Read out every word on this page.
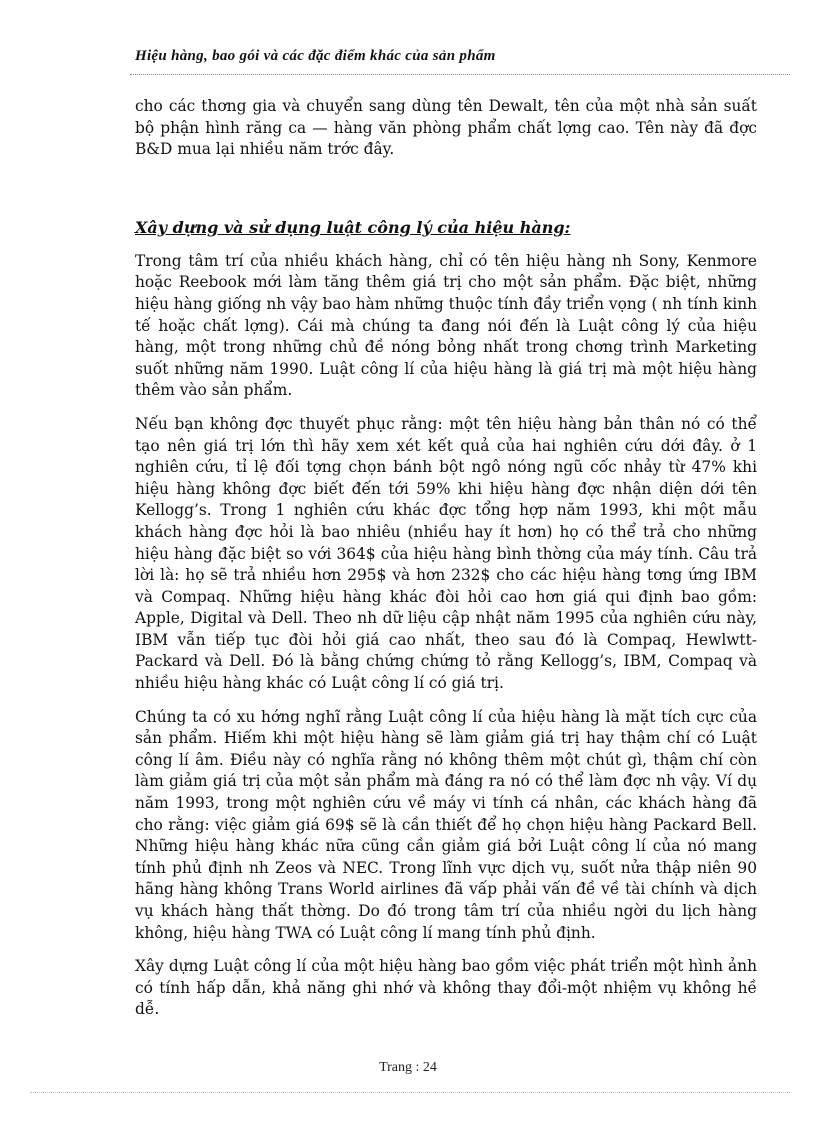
Hiệu hàng, bao gói và các đặc điểm khác của sản phẩm

cho các thơng gia và chuyển sang dùng tên Dewalt, tên của một nhà sản suất bộ phận hình răng ca — hàng văn phòng phẩm chất lợng cao. Tên này đã đợc B&D mua lại nhiều năm trớc đây.

Xây dựng và sử dụng luật công lý của hiệu hàng:

Trong tâm trí của nhiều khách hàng, chỉ có tên hiệu hàng nh Sony, Kenmore hoặc Reebook mới làm tăng thêm giá trị cho một sản phẩm. Đặc biệt, những hiệu hàng giống nh vậy bao hàm những thuộc tính đầy triển vọng ( nh tính kinh tế hoặc chất lợng). Cái mà chúng ta đang nói đến là Luật công lý của hiệu hàng, một trong những chủ đề nóng bỏng nhất trong chơng trình Marketing suốt những năm 1990. Luật công lí của hiệu hàng là giá trị mà một hiệu hàng thêm vào sản phẩm.

Nếu bạn không đợc thuyết phục rằng: một tên hiệu hàng bản thân nó có thể tạo nên giá trị lớn thì hãy xem xét kết quả của hai nghiên cứu dới đây. ở 1 nghiên cứu, tỉ lệ đối tợng chọn bánh bột ngô nóng ngũ cốc nhảy từ 47% khi hiệu hàng không đợc biết đến tới 59% khi hiệu hàng đợc nhận diện dới tên Kellogg’s. Trong 1 nghiên cứu khác đợc tổng hợp năm 1993, khi một mẫu khách hàng đợc hỏi là bao nhiêu (nhiều hay ít hơn) họ có thể trả cho những hiệu hàng đặc biệt so với 364$ của hiệu hàng bình thờng của máy tính. Câu trả lời là: họ sẽ trả nhiều hơn 295$ và hơn 232$ cho các hiệu hàng tơng ứng IBM và Compaq. Những hiệu hàng khác đòi hỏi cao hơn giá qui định bao gồm: Apple, Digital và Dell. Theo nh dữ liệu cập nhật năm 1995 của nghiên cứu này, IBM vẫn tiếp tục đòi hỏi giá cao nhất, theo sau đó là Compaq, Hewlwtt-Packard và Dell. Đó là bằng chứng chứng tỏ rằng Kellogg’s, IBM, Compaq và nhiều hiệu hàng khác có Luật công lí có giá trị.

Chúng ta có xu hớng nghĩ rằng Luật công lí của hiệu hàng là mặt tích cực của sản phẩm. Hiếm khi một hiệu hàng sẽ làm giảm giá trị hay thậm chí có Luật công lí âm. Điều này có nghĩa rằng nó không thêm một chút gì, thậm chí còn làm giảm giá trị của một sản phẩm mà đáng ra nó có thể làm đợc nh vậy. Ví dụ năm 1993, trong một nghiên cứu về máy vi tính cá nhân, các khách hàng đã cho rằng: việc giảm giá 69$ sẽ là cần thiết để họ chọn hiệu hàng Packard Bell. Những hiệu hàng khác nữa cũng cần giảm giá bởi Luật công lí của nó mang tính phủ định nh Zeos và NEC. Trong lĩnh vực dịch vụ, suốt nửa thập niên 90 hãng hàng không Trans World airlines đã vấp phải vấn đề về tài chính và dịch vụ khách hàng thất thờng. Do đó trong tâm trí của nhiều ngời du lịch hàng không, hiệu hàng TWA có Luật công lí mang tính phủ định.

Xây dựng Luật công lí của một hiệu hàng bao gồm việc phát triển một hình ảnh có tính hấp dẫn, khả năng ghi nhớ và không thay đổi-một nhiệm vụ không hề dễ.

Trang : 24
